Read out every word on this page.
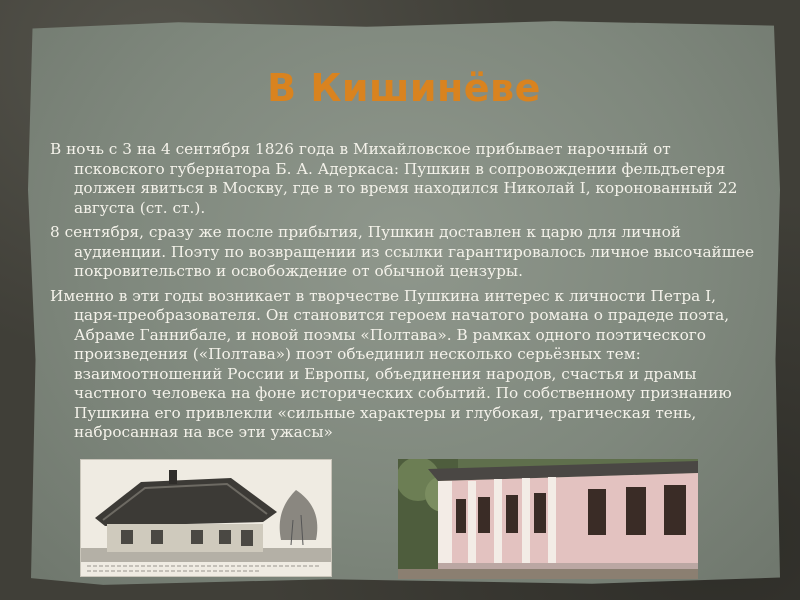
В Кишинёве

В ночь с 3 на 4 сентября 1826 года в Михайловское прибывает нарочный от псковского губернатора Б. А. Адеркаса: Пушкин в сопровождении фельдъегеря должен явиться в Москву, где в то время находился Николай I, коронованный 22 августа (ст. ст.).

8 сентября, сразу же после прибытия, Пушкин доставлен к царю для личной аудиенции. Поэту по возвращении из ссылки гарантировалось личное высочайшее покровительство и освобождение от обычной цензуры.

Именно в эти годы возникает в творчестве Пушкина интерес к личности Петра I, царя-преобразователя. Он становится героем начатого романа о прадеде поэта, Абраме Ганнибале, и новой поэмы «Полтава». В рамках одного поэтического произведения («Полтава») поэт объединил несколько серьёзных тем: взаимоотношений России и Европы, объединения народов, счастья и драмы частного человека на фоне исторических событий. По собственному признанию Пушкина его привлекли «сильные характеры и глубокая, трагическая тень, набросанная на все эти ужасы»
